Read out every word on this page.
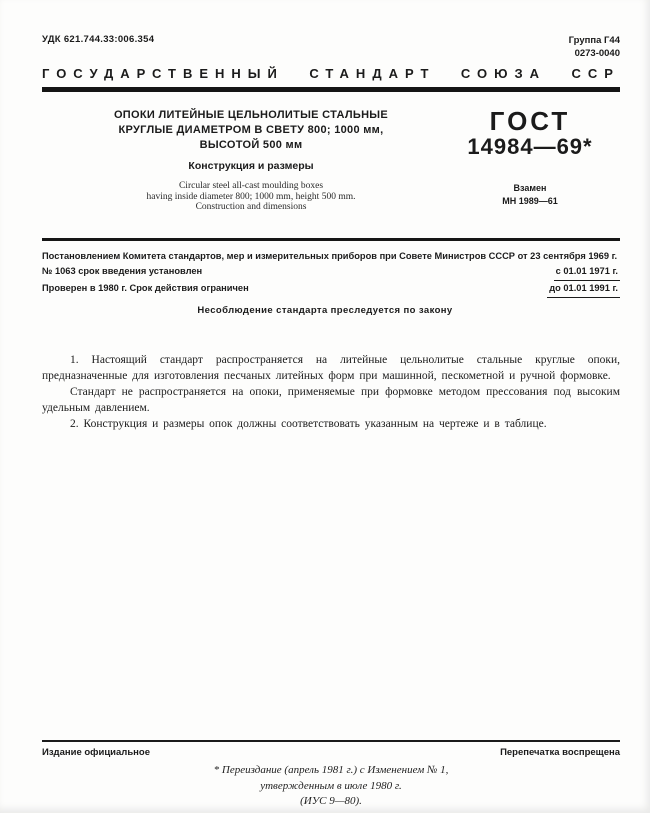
УДК 621.744.33:006.354	Группа Г44
0273-0040
ГОСУДАРСТВЕННЫЙ СТАНДАРТ СОЮЗА ССР
ОПОКИ ЛИТЕЙНЫЕ ЦЕЛЬНОЛИТЫЕ СТАЛЬНЫЕ
КРУГЛЫЕ ДИАМЕТРОМ В СВЕТУ 800; 1000 мм,
ВЫСОТОЙ 500 мм
Конструкция и размеры
Circular steel all-cast moulding boxes
having inside diameter 800; 1000 mm, height 500 mm.
Construction and dimensions
ГОСТ
14984—69*
Взамен
МН 1989—61
Постановлением Комитета стандартов, мер и измерительных приборов при Совете Министров СССР от 23 сентября 1969 г.
№ 1063 срок введения установлен	с 01.01 1971 г.
Проверен в 1980 г. Срок действия ограничен	до 01.01 1991 г.
Несоблюдение стандарта преследуется по закону

1. Настоящий стандарт распространяется на литейные цельнолитые стальные круглые опоки, предназначенные для изготовления песчаных литейных форм при машинной, пескометной и ручной формовке.

Стандарт не распространяется на опоки, применяемые при формовке методом прессования под высоким удельным давлением.

2. Конструкция и размеры опок должны соответствовать указанным на чертеже и в таблице.

Издание официальное	Перепечатка воспрещена
* Переиздание (апрель 1981 г.) с Изменением № 1,
утвержденным в июле 1980 г.
(ИУС 9—80).
